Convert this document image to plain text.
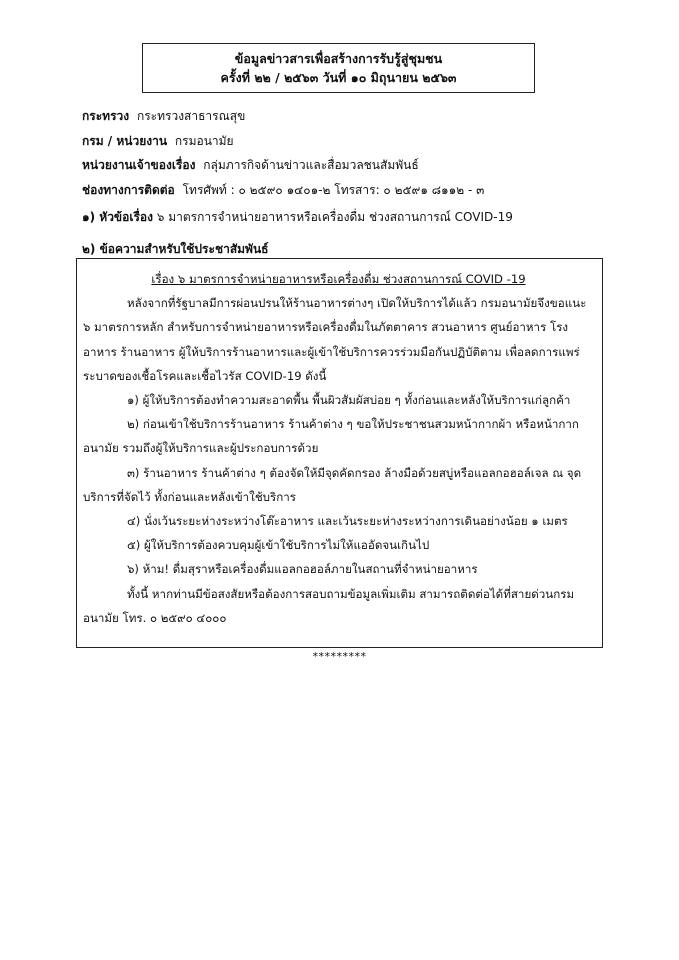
ข้อมูลข่าวสารเพื่อสร้างการรับรู้สู่ชุมชน
ครั้งที่ ๒๒ / ๒๕๖๓ วันที่ ๑๐ มิถุนายน ๒๕๖๓
กระทรวง กระทรวงสาธารณสุข
กรม / หน่วยงาน กรมอนามัย
หน่วยงานเจ้าของเรื่อง กลุ่มภารกิจด้านข่าวและสื่อมวลชนสัมพันธ์
ช่องทางการติดต่อ โทรศัพท์ : ๐ ๒๕๙๐ ๑๔๐๑-๒ โทรสาร: ๐ ๒๕๙๑ ๘๑๑๒ - ๓
๑) หัวข้อเรื่อง ๖ มาตรการจำหน่ายอาหารหรือเครื่องดื่ม ช่วงสถานการณ์ COVID-19
๒) ข้อความสำหรับใช้ประชาสัมพันธ์
เรื่อง ๖ มาตรการจำหน่ายอาหารหรือเครื่องดื่ม ช่วงสถานการณ์ COVID -19
หลังจากที่รัฐบาลมีการผ่อนปรนให้ร้านอาหารต่างๆ เปิดให้บริการได้แล้ว กรมอนามัยจึงขอแนะ ๖ มาตรการหลัก สำหรับการจำหน่ายอาหารหรือเครื่องดื่มในภัตตาคาร สวนอาหาร ศูนย์อาหาร โรงอาหาร ร้านอาหาร ผู้ให้บริการร้านอาหารและผู้เข้าใช้บริการควรร่วมมือกันปฏิบัติตาม เพื่อลดการแพร่ระบาดของเชื้อโรคและเชื้อไวรัส COVID-19 ดังนี้
๑) ผู้ให้บริการต้องทำความสะอาดพื้น พื้นผิวสัมผัสบ่อย ๆ ทั้งก่อนและหลังให้บริการแก่ลูกค้า
๒) ก่อนเข้าใช้บริการร้านอาหาร ร้านค้าต่าง ๆ ขอให้ประชาชนสวมหน้ากากผ้า หรือหน้ากากอนามัย รวมถึงผู้ให้บริการและผู้ประกอบการด้วย
๓) ร้านอาหาร ร้านค้าต่าง ๆ ต้องจัดให้มีจุดคัดกรอง ล้างมือด้วยสบู่หรือแอลกอฮอล์เจล ณ จุดบริการที่จัดไว้ ทั้งก่อนและหลังเข้าใช้บริการ
๔) นั่งเว้นระยะห่างระหว่างโต๊ะอาหาร และเว้นระยะห่างระหว่างการเดินอย่างน้อย ๑ เมตร
๕) ผู้ให้บริการต้องควบคุมผู้เข้าใช้บริการไม่ให้แออัดจนเกินไป
๖) ห้าม! ดื่มสุราหรือเครื่องดื่มแอลกอฮอล์ภายในสถานที่จำหน่ายอาหาร
ทั้งนี้ หากท่านมีข้อสงสัยหรือต้องการสอบถามข้อมูลเพิ่มเติม สามารถติดต่อได้ที่สายด่วนกรมอนามัย โทร. ๐ ๒๕๙๐ ๔๐๐๐
*********
